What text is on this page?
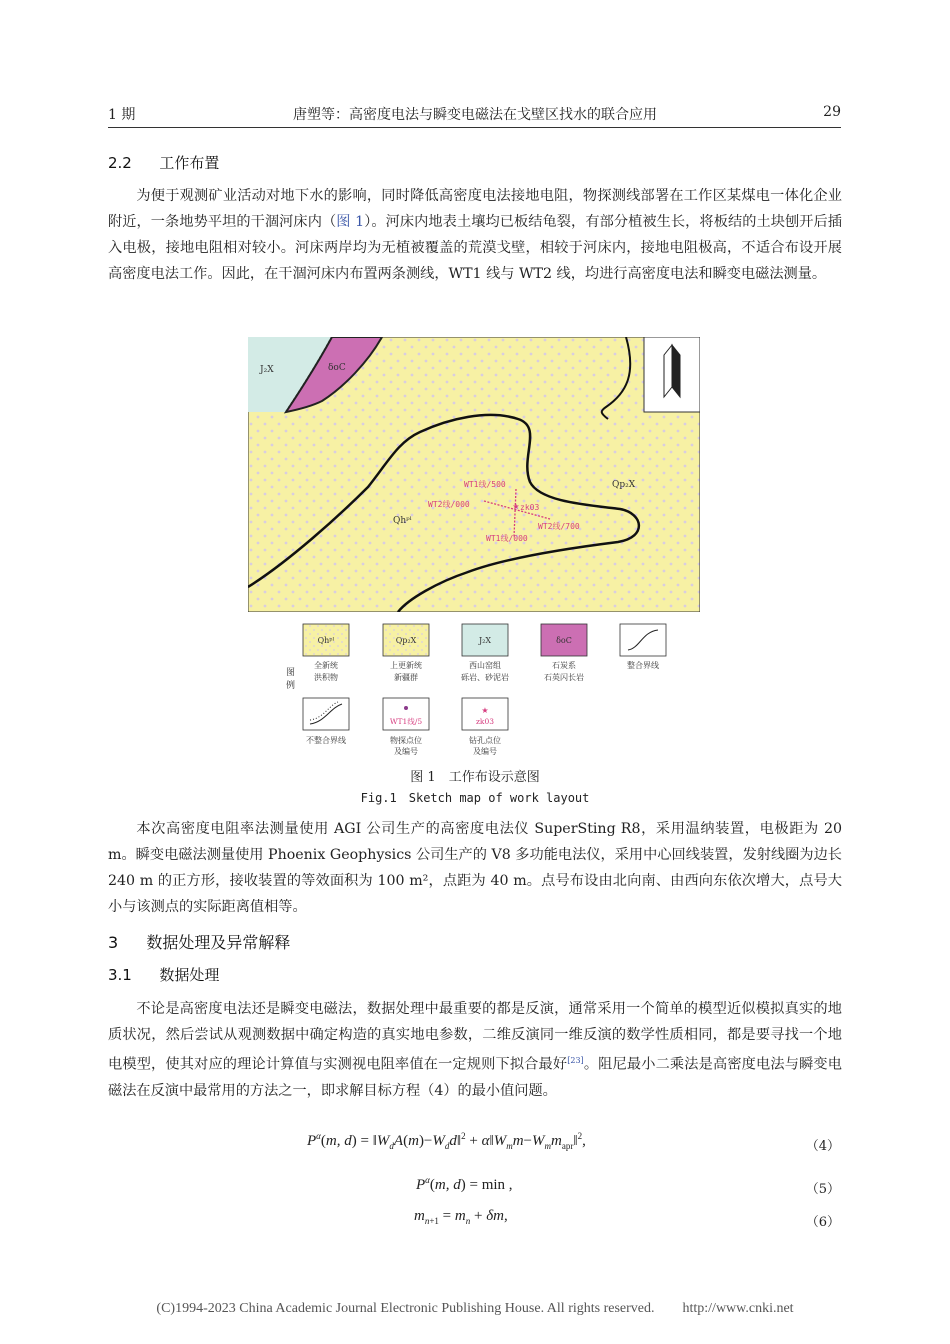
1 期	唐塑等：高密度电法与瞬变电磁法在戈壁区找水的联合应用	29
2.2 工作布置

为便于观测矿业活动对地下水的影响，同时降低高密度电法接地电阻，物探测线部署在工作区某煤电一体化企业附近，一条地势平坦的干涸河床内（图 1）。河床内地表土壤均已板结龟裂，有部分植被生长，将板结的土块刨开后插入电极，接地电阻相对较小。河床两岸均为无植被覆盖的荒漠戈壁，相较于河床内，接地电阻极高，不适合布设开展高密度电法工作。因此，在干涸河床内布置两条测线，WT1 线与 WT2 线，均进行高密度电法和瞬变电磁法测量。

★
J₂X	δoC
Qp₂X
Qhᵖˡ
WT1线/500
WT2线/000	zk03
WT2线/700
WT1线/000
图
例
Qhᵖˡ
全新统
洪积物
Qp₂X
上更新统
新疆群
J₂X
西山窑组
砾岩、砂泥岩
δoC
石炭系
石英闪长岩
整合界线
不整合界线
WT1线/5
物探点位
及编号
★
zk03
钻孔点位
及编号
图 1　工作布设示意图
Fig.1　Sketch map of work layout

本次高密度电阻率法测量使用 AGI 公司生产的高密度电法仪 SuperSting R8，采用温纳装置，电极距为 20 m。瞬变电磁法测量使用 Phoenix Geophysics 公司生产的 V8 多功能电法仪，采用中心回线装置，发射线圈为边长 240 m 的正方形，接收装置的等效面积为 100 m²，点距为 40 m。点号布设由北向南、由西向东依次增大，点号大小与该测点的实际距离值相等。

3 数据处理及异常解释
3.1 数据处理

不论是高密度电法还是瞬变电磁法，数据处理中最重要的都是反演，通常采用一个简单的模型近似模拟真实的地质状况，然后尝试从观测数据中确定构造的真实地电参数，二维反演同一维反演的数学性质相同，都是要寻找一个地电模型，使其对应的理论计算值与实测视电阻率值在一定规则下拟合最好[23]。阻尼最小二乘法是高密度电法与瞬变电磁法在反演中最常用的方法之一，即求解目标方程（4）的最小值问题。

$P^\alpha(m$, $d) = ‖W_dA(m)-W_dd‖^2$ + $\alpha‖W_mm-W_mm_{apr}‖^2$,	（4）
$P^\alpha(m$, d) = min ,	（5）
$m_{n+1} = m_n + \delta m$,	（6）
(C)1994-2023 China Academic Journal Electronic Publishing House. All rights reserved.　　http://www.cnki.net
